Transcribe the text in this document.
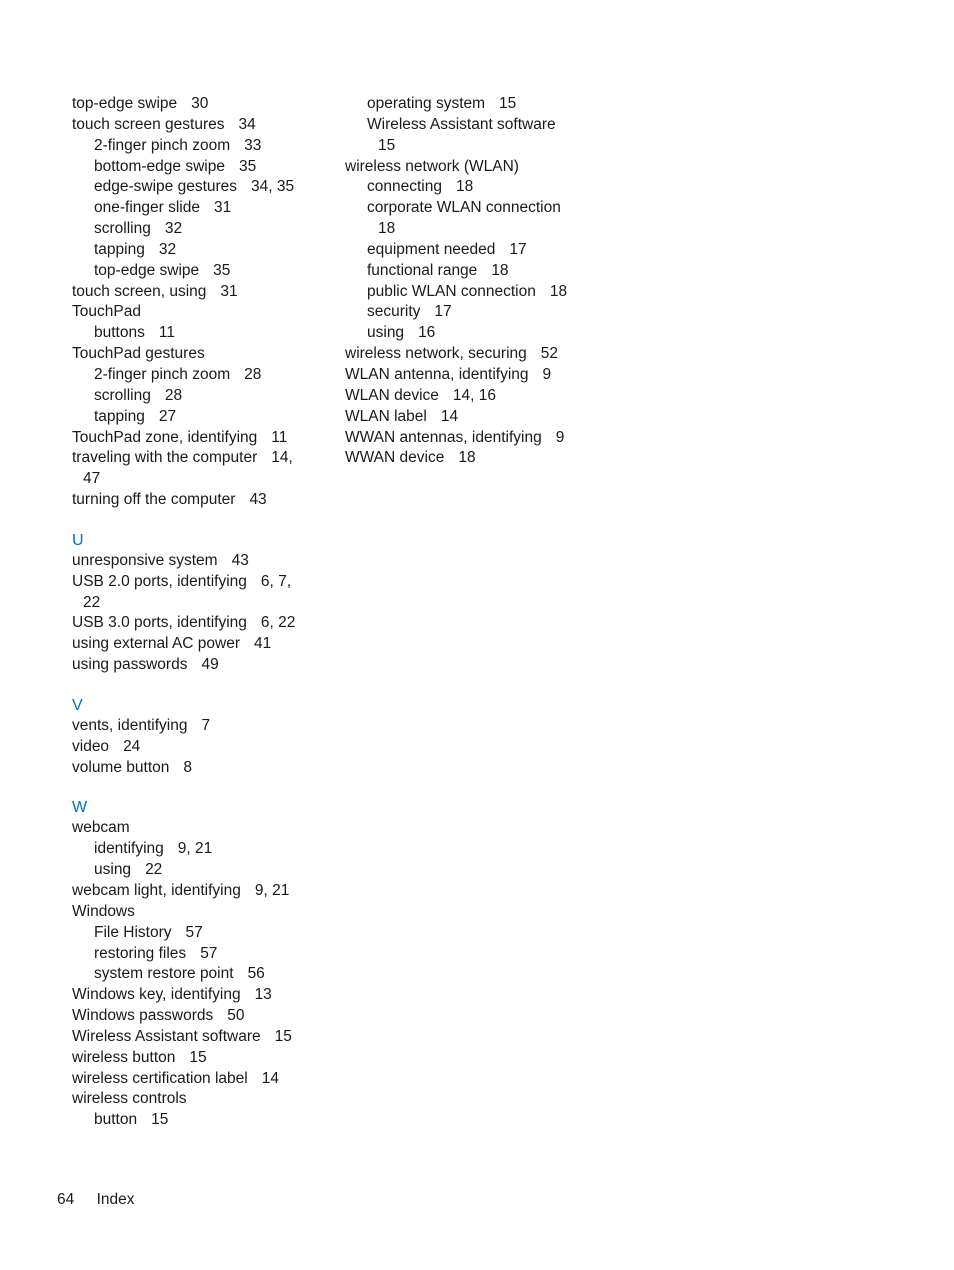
top-edge swipe 30
touch screen gestures 34
2-finger pinch zoom 33
bottom-edge swipe 35
edge-swipe gestures 34, 35
one-finger slide 31
scrolling 32
tapping 32
top-edge swipe 35
touch screen, using 31
TouchPad
buttons 11
TouchPad gestures
2-finger pinch zoom 28
scrolling 28
tapping 27
TouchPad zone, identifying 11
traveling with the computer 14,
47
turning off the computer 43
U
unresponsive system 43
USB 2.0 ports, identifying 6, 7,
22
USB 3.0 ports, identifying 6, 22
using external AC power 41
using passwords 49
V
vents, identifying 7
video 24
volume button 8
W
webcam
identifying 9, 21
using 22
webcam light, identifying 9, 21
Windows
File History 57
restoring files 57
system restore point 56
Windows key, identifying 13
Windows passwords 50
Wireless Assistant software 15
wireless button 15
wireless certification label 14
wireless controls
button 15
operating system 15
Wireless Assistant software
15
wireless network (WLAN)
connecting 18
corporate WLAN connection
18
equipment needed 17
functional range 18
public WLAN connection 18
security 17
using 16
wireless network, securing 52
WLAN antenna, identifying 9
WLAN device 14, 16
WLAN label 14
WWAN antennas, identifying 9
WWAN device 18
64 Index
